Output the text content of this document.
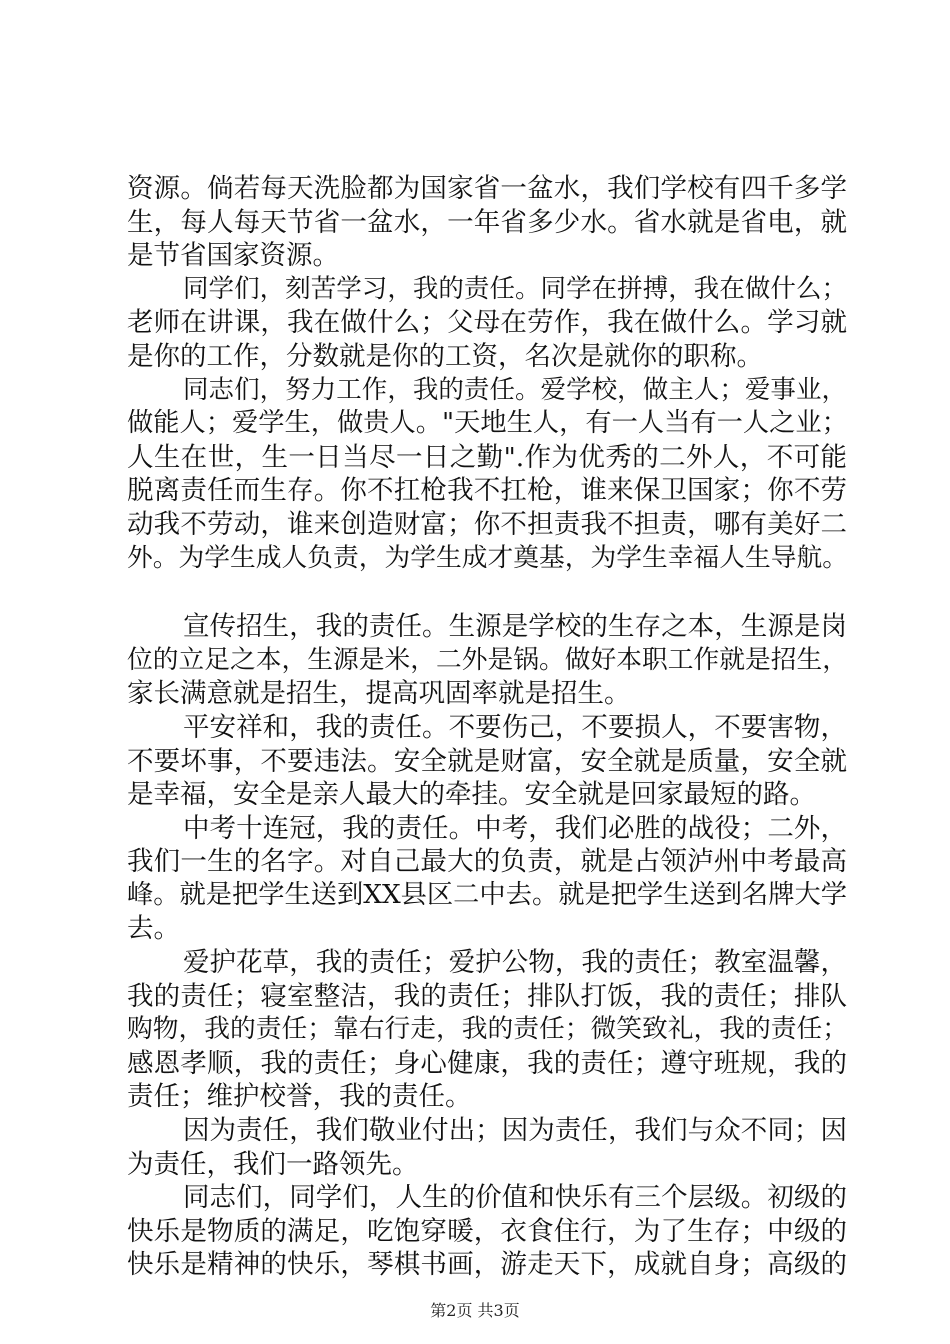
资源。倘若每天洗脸都为国家省一盆水，我们学校有四千多学
生，每人每天节省一盆水，一年省多少水。省水就是省电，就
是节省国家资源。
同学们，刻苦学习，我的责任。同学在拼搏，我在做什么；
老师在讲课，我在做什么；父母在劳作，我在做什么。学习就
是你的工作，分数就是你的工资，名次是就你的职称。
同志们，努力工作，我的责任。爱学校，做主人；爱事业，
做能人；爱学生，做贵人。"天地生人，有一人当有一人之业；
人生在世，生一日当尽一日之勤".作为优秀的二外人，不可能
脱离责任而生存。你不扛枪我不扛枪，谁来保卫国家；你不劳
动我不劳动，谁来创造财富；你不担责我不担责，哪有美好二
外。为学生成人负责，为学生成才奠基，为学生幸福人生导航。
宣传招生，我的责任。生源是学校的生存之本，生源是岗
位的立足之本，生源是米，二外是锅。做好本职工作就是招生，
家长满意就是招生，提高巩固率就是招生。
平安祥和，我的责任。不要伤己，不要损人，不要害物，
不要坏事，不要违法。安全就是财富，安全就是质量，安全就
是幸福，安全是亲人最大的牵挂。安全就是回家最短的路。
中考十连冠，我的责任。中考，我们必胜的战役；二外，
我们一生的名字。对自己最大的负责，就是占领泸州中考最高
峰。就是把学生送到XX县区二中去。就是把学生送到名牌大学
去。
爱护花草，我的责任；爱护公物，我的责任；教室温馨，
我的责任；寝室整洁，我的责任；排队打饭，我的责任；排队
购物，我的责任；靠右行走，我的责任；微笑致礼，我的责任；
感恩孝顺，我的责任；身心健康，我的责任；遵守班规，我的
责任；维护校誉，我的责任。
因为责任，我们敬业付出；因为责任，我们与众不同；因
为责任，我们一路领先。
同志们，同学们，人生的价值和快乐有三个层级。初级的
快乐是物质的满足，吃饱穿暖，衣食住行，为了生存；中级的
快乐是精神的快乐，琴棋书画，游走天下，成就自身；高级的
第2页 共3页
